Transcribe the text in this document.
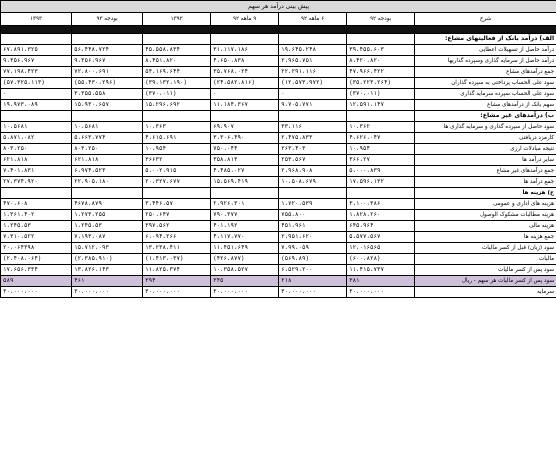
پیش بینی درآمد هر سهم						
شرح	بودجه ۹۲	۶ ماهه ۹۲	۹ ماهه ۹۲	۱۳۹۲	بودجه ۹۳	۱۳۹۳

الف) درآمد بانک از فعالیتهای مشاع:						
درآمد حاصل از تسهیلات اعطایی	۳۹،۴۵۵،۶۰۳	۱۹،۶۴۵،۲۴۸	۳۱،۱۱۷،۱۸۶	۴۵،۵۵۸،۸۳۴	۵۶،۴۴۸،۷۲۴	۶۷،۸۹۱،۳۲۵
درآمد حاصل از سرمایه گذاری وسپرده گذاریها	۸،۴۲۰،۸۲۰	۲،۹۶۵،۷۵۱	۴،۶۵۰،۸۳۸	۸،۴۵۱،۸۲۰	۹،۳۵۶،۹۶۷	۹،۳۵۶،۹۶۷
جمع درآمدهای مشاع	۴۷،۹۶۶،۴۲۲	۲۲،۲۹۱،۱۱۶	۳۵،۷۶۸،۰۲۴	۵۴،۱۶۹،۶۴۴	۷۲،۸۰۰،۶۹۱	۷۷،۱۹۸،۴۲۳
سود علی الحساب پرداختی به سپرده گذاران	(۳۵،۲۲۳،۲۶۴)	(۱۲،۵۷۳،۹۷۲)	(۲۴،۵۸۲،۸۱۶)	(۳۹،۱۳۲،۱۹۰)	(۵۵،۴۳۰،۲۹۶)	(۵۷،۳۲۵،۱۱۳)
سود علی الحساب سپرده سرمایه گذاری	(۳۷۰،۰۱۱)	۰	۰	(۳۷۰،۰۱۱)	۳،۳۵۵،۵۵۸	۰
سهم بانک از درآمدهای مشاع	۱۲،۵۹۱،۱۴۷	۹،۷۰۵،۷۷۱	۱۱،۱۸۴،۳۶۷	۱۵،۲۹۶،۶۹۲	۱۵،۹۳۰،۶۵۷	۱۹،۹۷۳،۰۸۹
ب) درآمدهای غیر مشاع:						
سود حاصل از سپرده گذاری و سرمایه گذاری ها	۱۰،۳۶۲	۳۳،۱۱۶	۶۹،۹۰۷	۱۰،۳۶۳	۱۰،۵۶۸۱	۱۰،۵۶۸۱
کارمزد دریافتی	۴،۶۲۶،۰۴۷	۲،۴۷۵،۸۳۳	۳،۳۰۶،۴۹۰	۴،۶۱۵،۶۹۱	۵،۶۶۳،۷۷۴	۵،۸۷۱،۰۸۲
نتیجه مبادلات ارزی	۱۰،۹۵۴	۲۶۳،۴۰۳	۷۵۰،۰۴۴	۱۰،۹۵۴	۸۰۳،۲۵۰	۸۰۳،۲۵۰
سایر درآمد ها	۳۶۶،۲۷	۲۵۳،۵۶۷	۳۵۸،۸۱۳	۳۶۶۳۲	۶۲۱،۸۱۸	۶۲۱،۸۱۸
جمع درآمدهای غیر مشاع	۵،۰۰۰،۸۳۹	۲،۹۶۸،۹۰۸	۴،۴۸۵،۰۲۷	۵،۰۰۲،۹۱۵	۶،۹۷۴،۵۲۳	۷،۴۰۱،۸۳۱
جمع درآمد ها	۱۷،۵۹۶،۱۳۲	۱۰،۵۰۸،۶۷۹	۱۵،۵۶۹،۴۱۹	۲۰،۳۲۷،۶۷۷	۲۲،۹۰۵،۱۸۰	۲۷،۳۷۴،۹۲۰
ج) هزینه ها						
هزینه های اداری و عمومی	۳،۱۰۰،۳۸۶	۱،۷۲۰،۵۳۹	۲،۹۲۶،۳۰۱	۳،۴۴۶،۵۷	۴۶۷۸،۸۷۹	۴۷۰،۶۰۸
هزینه مطالبات مشکوک الوصول	۱،۸۲۸،۲۶۰	۷۵۵،۸۰۰	۷۹۰،۳۷۷	۲۵۰،۶۴۷	۱،۲۷۳،۲۵۵	۱،۳۶۱،۴۰۲
هزینه مالی	۶۴۵،۹۶۴	۴۵۱،۹۶۱	۴۰۱،۱۹۲	۳۹۷،۵۶۲	۱،۲۴۵،۵۳	۱،۲۴۵،۵۳
جمع هزینه ها	۵،۵۷۷،۵۶۷	۲،۹۵۱،۶۲۰	۴،۱۱۷،۷۷۰	۶،۰۹۴،۲۶۶	۷،۱۹۳،۰۸۷	۷،۳۱۰،۵۲۲
سود (زیان) قبل از کسر مالیات	۱۲،۰۱۶۵۶۵	۷،۹۹،۰۵۹	۱۱،۴۵۱،۶۴۹	۱۳،۲۳۸،۴۱۱	۱۵،۷۱۲،۰۹۳	۲۰،۰۶۴۳۹۸
مالیات	(۶۰۰،۸۲۸)	(۵۶۹،۸۹)	(۴۲۶،۸۷۷)	(۱،۴۱۳،۰۳۷)	(۲،۳۸۵،۹۱۰)	(۲،۴۰۸،۰۶۴)
سود پس از کسر مالیات	۱۱،۴۱۵،۷۳۷	۶،۵۲۹،۲۰۰	۱۰،۳۵۸،۵۲۷	۱۱،۸۲۵،۳۷۴	۱۳،۸۲۶،۱۴۳	۱۷،۶۵۶،۳۳۴
سود پس از کسر مالیات هر سهم - ریال	۳۸۱	۲۱۸	۳۴۵	۳۹۴	۴۶۱	۵۸۹
سرمایه	۳۰،۰۰۰،۰۰۰	۳۰،۰۰۰،۰۰۰	۳۰،۰۰۰،۰۰۰	۳۰،۰۰۰،۰۰۰	۳۰،۰۰۰،۰۰۰	۳۰،۰۰۰،۰۰۰
